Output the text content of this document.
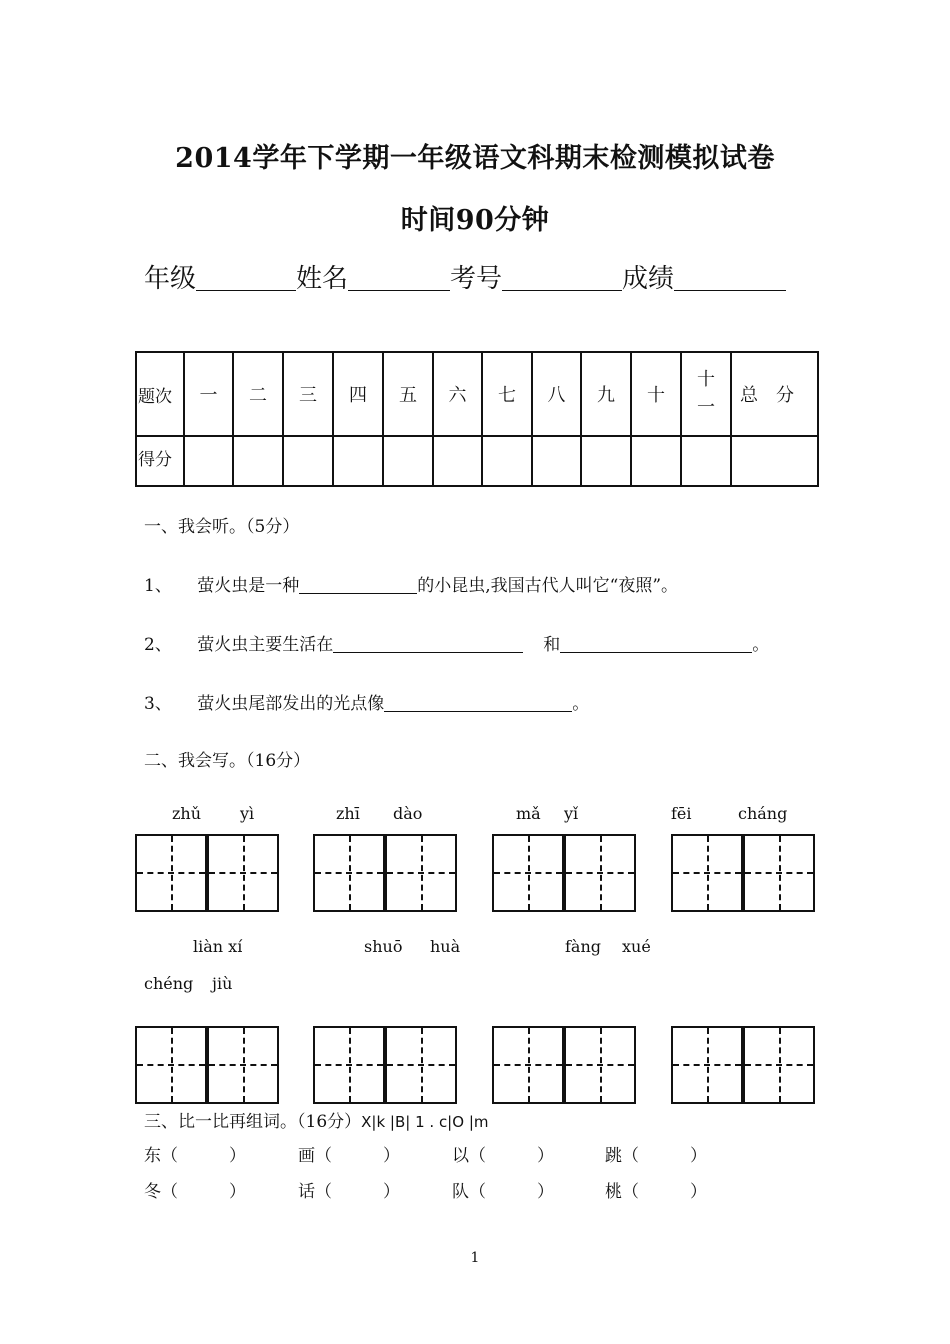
2014学年下学期一年级语文科期末检测模拟试卷
时间90分钟
年级	姓名	考号	成绩
题次	一	二	三	四	五	六	七	八	九	十	十一	总　分
得分												
一、我会听。（5分）
1、 萤火虫是一种	的小昆虫,我国古代人叫它“夜照”。
2、 萤火虫主要生活在	和	。
3、 萤火虫尾部发出的光点像	。
二、我会写。（16分）
zhǔ yì	zhī dào	mǎ yǐ	fēi	cháng
liàn xí	shuō huà	fàng xué
chéng jiù
三、比一比再组词。（16分）X|k |B| 1 . c|O |m
东（　　　）	画（　　　）	以（　　　）	跳（　　　）
冬（　　　）	话（　　　）	队（　　　）	桃（　　　）
1
